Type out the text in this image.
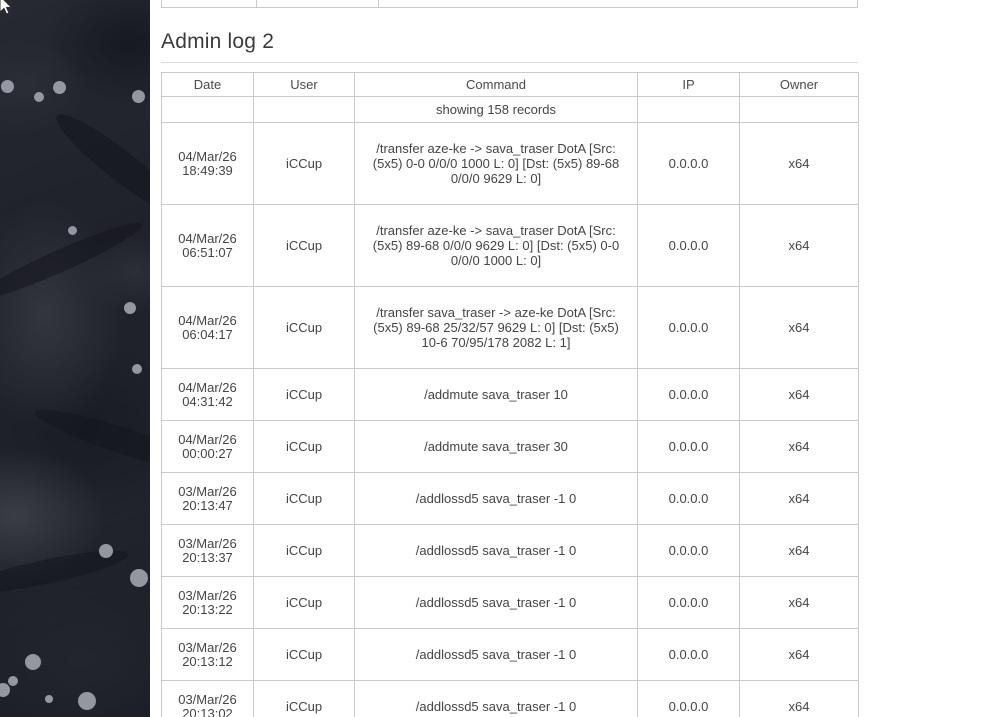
Admin log 2
Date	User	Command	IP	Owner
		showing 158 records		

04/Mar/26
18:49:39	iCCup	/transfer aze-ke -> sava_traser DotA [Src: (5x5) 0-0 0/0/0 1000 L: 0] [Dst: (5x5) 89-68 0/0/0 9629 L: 0]	0.0.0.0	x64

04/Mar/26
06:51:07	iCCup	/transfer aze-ke -> sava_traser DotA [Src: (5x5) 89-68 0/0/0 9629 L: 0] [Dst: (5x5) 0-0 0/0/0 1000 L: 0]	0.0.0.0	x64

04/Mar/26
06:04:17	iCCup	/transfer sava_traser -> aze-ke DotA [Src: (5x5) 89-68 25/32/57 9629 L: 0] [Dst: (5x5) 10-6 70/95/178 2082 L: 1]	0.0.0.0	x64

04/Mar/26
04:31:42	iCCup	/addmute sava_traser 10	0.0.0.0	x64

04/Mar/26
00:00:27	iCCup	/addmute sava_traser 30	0.0.0.0	x64

03/Mar/26
20:13:47	iCCup	/addlossd5 sava_traser -1 0	0.0.0.0	x64

03/Mar/26
20:13:37	iCCup	/addlossd5 sava_traser -1 0	0.0.0.0	x64

03/Mar/26
20:13:22	iCCup	/addlossd5 sava_traser -1 0	0.0.0.0	x64

03/Mar/26
20:13:12	iCCup	/addlossd5 sava_traser -1 0	0.0.0.0	x64

03/Mar/26
20:13:02	iCCup	/addlossd5 sava_traser -1 0	0.0.0.0	x64
